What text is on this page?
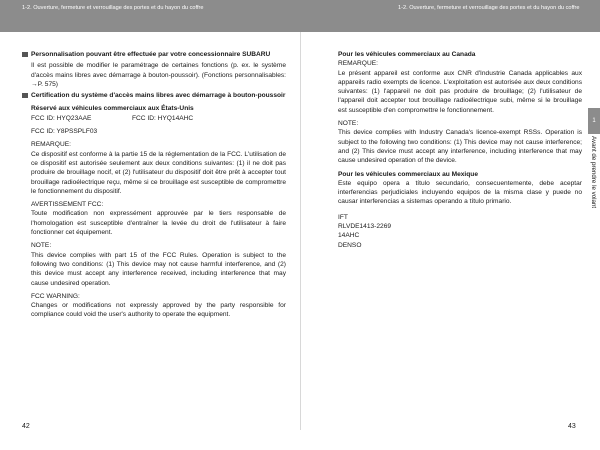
1-2. Ouverture, fermeture et verrouillage des portes et du hayon du coffre	1-2. Ouverture, fermeture et verrouillage des portes et du hayon du coffre

Personnalisation pouvant être effectuée par votre concessionnaire SUBARU

Il est possible de modifier le paramétrage de certaines fonctions (p. ex. le système d'accès mains libres avec démarrage à bouton-poussoir). (Fonctions personnalisables: →P. 575)

Certification du système d'accès mains libres avec démarrage à bouton-poussoir

Réservé aux véhicules commerciaux aux États-Unis

FCC ID: HYQ23AAE	FCC ID: HYQ14AHC

FCC ID: Y8PSSPLF03

REMARQUE:

Ce dispositif est conforme à la partie 15 de la réglementation de la FCC. L'utilisation de ce dispositif est autorisée seulement aux deux conditions suivantes: (1) il ne doit pas produire de brouillage nocif, et (2) l'utilisateur du dispositif doit être prêt à accepter tout brouillage radioélectrique reçu, même si ce brouillage est susceptible de compromettre le fonctionnement du dispositif.

AVERTISSEMENT FCC:

Toute modification non expressément approuvée par le tiers responsable de l'homologation est susceptible d'entraîner la levée du droit de l'utilisateur à faire fonctionner cet équipement.

NOTE:

This device complies with part 15 of the FCC Rules. Operation is subject to the following two conditions: (1) This device may not cause harmful interference, and (2) this device must accept any interference received, including interference that may cause undesired operation.

FCC WARNING:

Changes or modifications not expressly approved by the party responsible for compliance could void the user's authority to operate the equipment.

Pour les véhicules commerciaux au Canada

REMARQUE:

Le présent appareil est conforme aux CNR d'Industrie Canada applicables aux appareils radio exempts de licence. L'exploitation est autorisée aux deux conditions suivantes: (1) l'appareil ne doit pas produire de brouillage; (2) l'utilisateur de l'appareil doit accepter tout brouillage radioélectrique subi, même si le brouillage est susceptible d'en compromettre le fonctionnement.

NOTE:

This device complies with Industry Canada's licence-exempt RSSs. Operation is subject to the following two conditions: (1) This device may not cause interference; and (2) This device must accept any interference, including interference that may cause undesired operation of the device.

Pour les véhicules commerciaux au Mexique

Este equipo opera a título secundario, consecuentemente, debe aceptar interferencias perjudiciales incluyendo equipos de la misma clase y puede no causar interferencias a sistemas operando a título primario.

IFT

RLVDE1413-2269

14AHC

DENSO

1
Avant de prendre le volant
42	43
